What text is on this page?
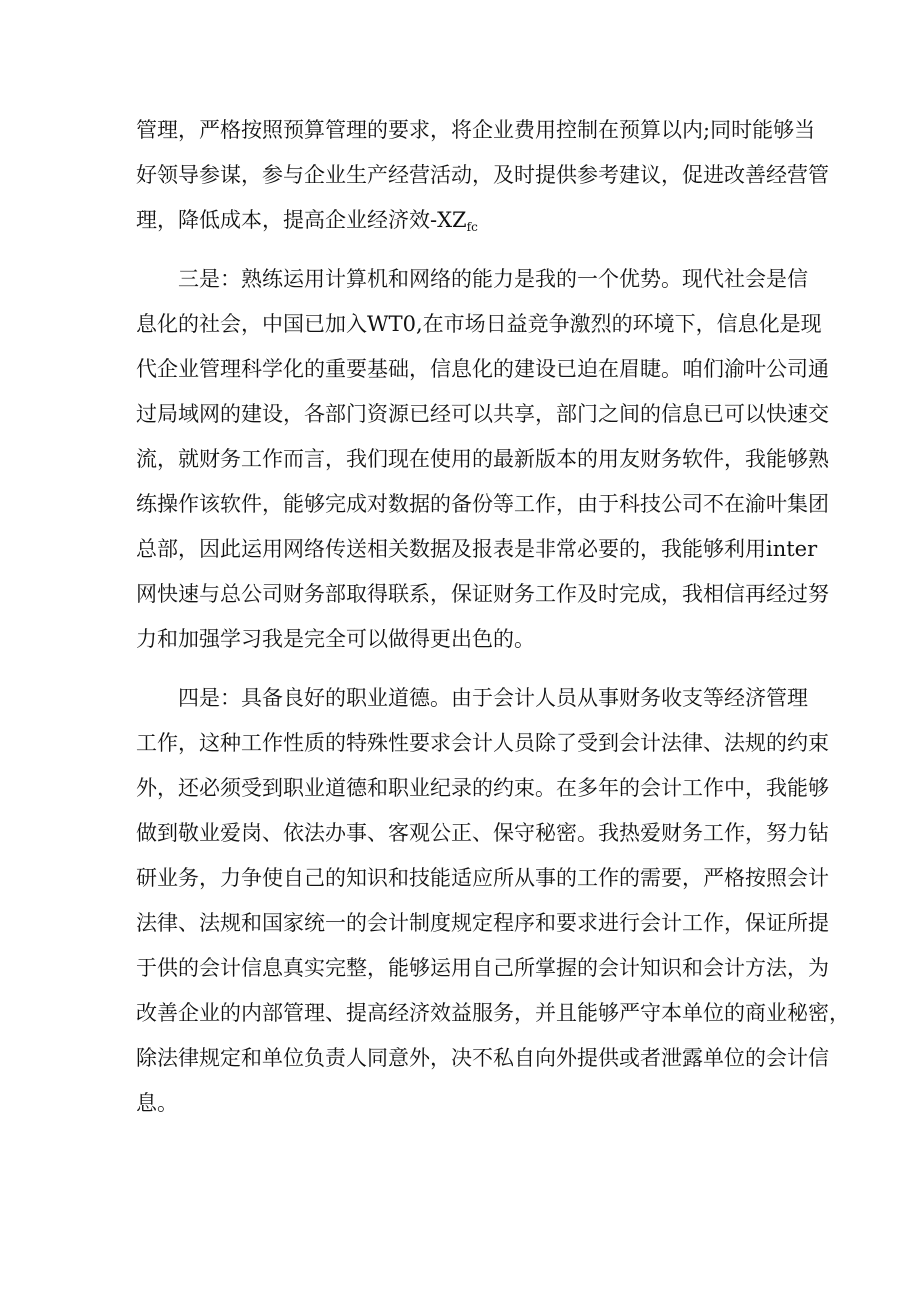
管理，严格按照预算管理的要求，将企业费用控制在预算以内;同时能够当
好领导参谋，参与企业生产经营活动，及时提供参考建议，促进改善经营管
理，降低成本，提高企业经济效$-XZ_{fc}$
三是：熟练运用计算机和网络的能力是我的一个优势。现代社会是信
息化的社会，中国已加入WT0,在市场日益竞争激烈的环境下，信息化是现
代企业管理科学化的重要基础，信息化的建设已迫在眉睫。咱们渝叶公司通
过局域网的建设，各部门资源已经可以共享，部门之间的信息已可以快速交
流，就财务工作而言，我们现在使用的最新版本的用友财务软件，我能够熟
练操作该软件，能够完成对数据的备份等工作，由于科技公司不在渝叶集团
总部，因此运用网络传送相关数据及报表是非常必要的，我能够利用inter
网快速与总公司财务部取得联系，保证财务工作及时完成，我相信再经过努
力和加强学习我是完全可以做得更出色的。
四是：具备良好的职业道德。由于会计人员从事财务收支等经济管理
工作，这种工作性质的特殊性要求会计人员除了受到会计法律、法规的约束
外，还必须受到职业道德和职业纪录的约束。在多年的会计工作中，我能够
做到敬业爱岗、依法办事、客观公正、保守秘密。我热爱财务工作，努力钻
研业务，力争使自己的知识和技能适应所从事的工作的需要，严格按照会计
法律、法规和国家统一的会计制度规定程序和要求进行会计工作，保证所提
于供的会计信息真实完整，能够运用自己所掌握的会计知识和会计方法，为
改善企业的内部管理、提高经济效益服务，并且能够严守本单位的商业秘密，
除法律规定和单位负责人同意外，决不私自向外提供或者泄露单位的会计信
息。
